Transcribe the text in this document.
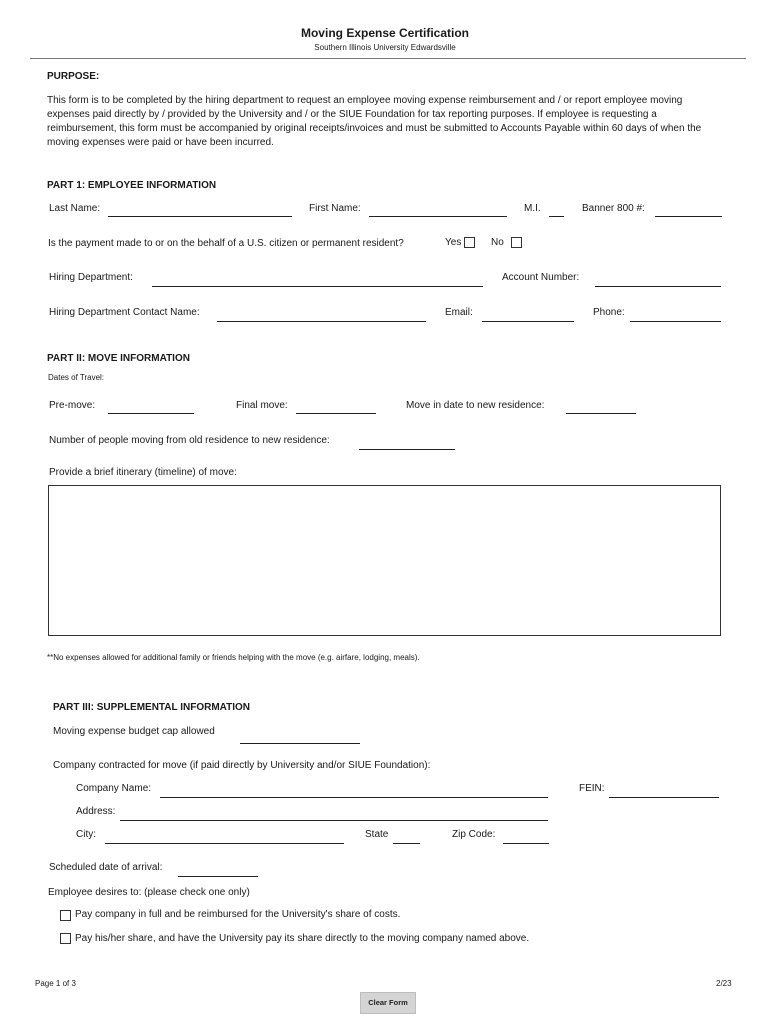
Moving Expense Certification
Southern Illinois University Edwardsville
PURPOSE:
This form is to be completed by the hiring department to request an employee moving expense reimbursement and / or report employee moving expenses paid directly by / provided by the University and / or the SIUE Foundation for tax reporting purposes. If employee is requesting a reimbursement, this form must be accompanied by original receipts/invoices and must be submitted to Accounts Payable within 60 days of when the moving expenses were paid or have been incurred.
PART 1: EMPLOYEE INFORMATION
Last Name:	First Name:	M.I.	Banner 800 #:
Is the payment made to or on the behalf of a U.S. citizen or permanent resident?	Yes	No
Hiring Department:	Account Number:
Hiring Department Contact Name:	Email:	Phone:
PART II: MOVE INFORMATION
Dates of Travel:
Pre-move:	Final move:	Move in date to new residence:
Number of people moving from old residence to new residence:
Provide a brief itinerary (timeline) of move:
**No expenses allowed for additional family or friends helping with the move (e.g. airfare, lodging, meals).
PART III: SUPPLEMENTAL INFORMATION
Moving expense budget cap allowed
Company contracted for move (if paid directly by University and/or SIUE Foundation):
Company Name:	FEIN:
Address:
City:	State	Zip Code:
Scheduled date of arrival:
Employee desires to: (please check one only)
Pay company in full and be reimbursed for the University's share of costs.
Pay his/her share, and have the University pay its share directly to the moving company named above.
Page 1 of 3	2/23
Clear Form
